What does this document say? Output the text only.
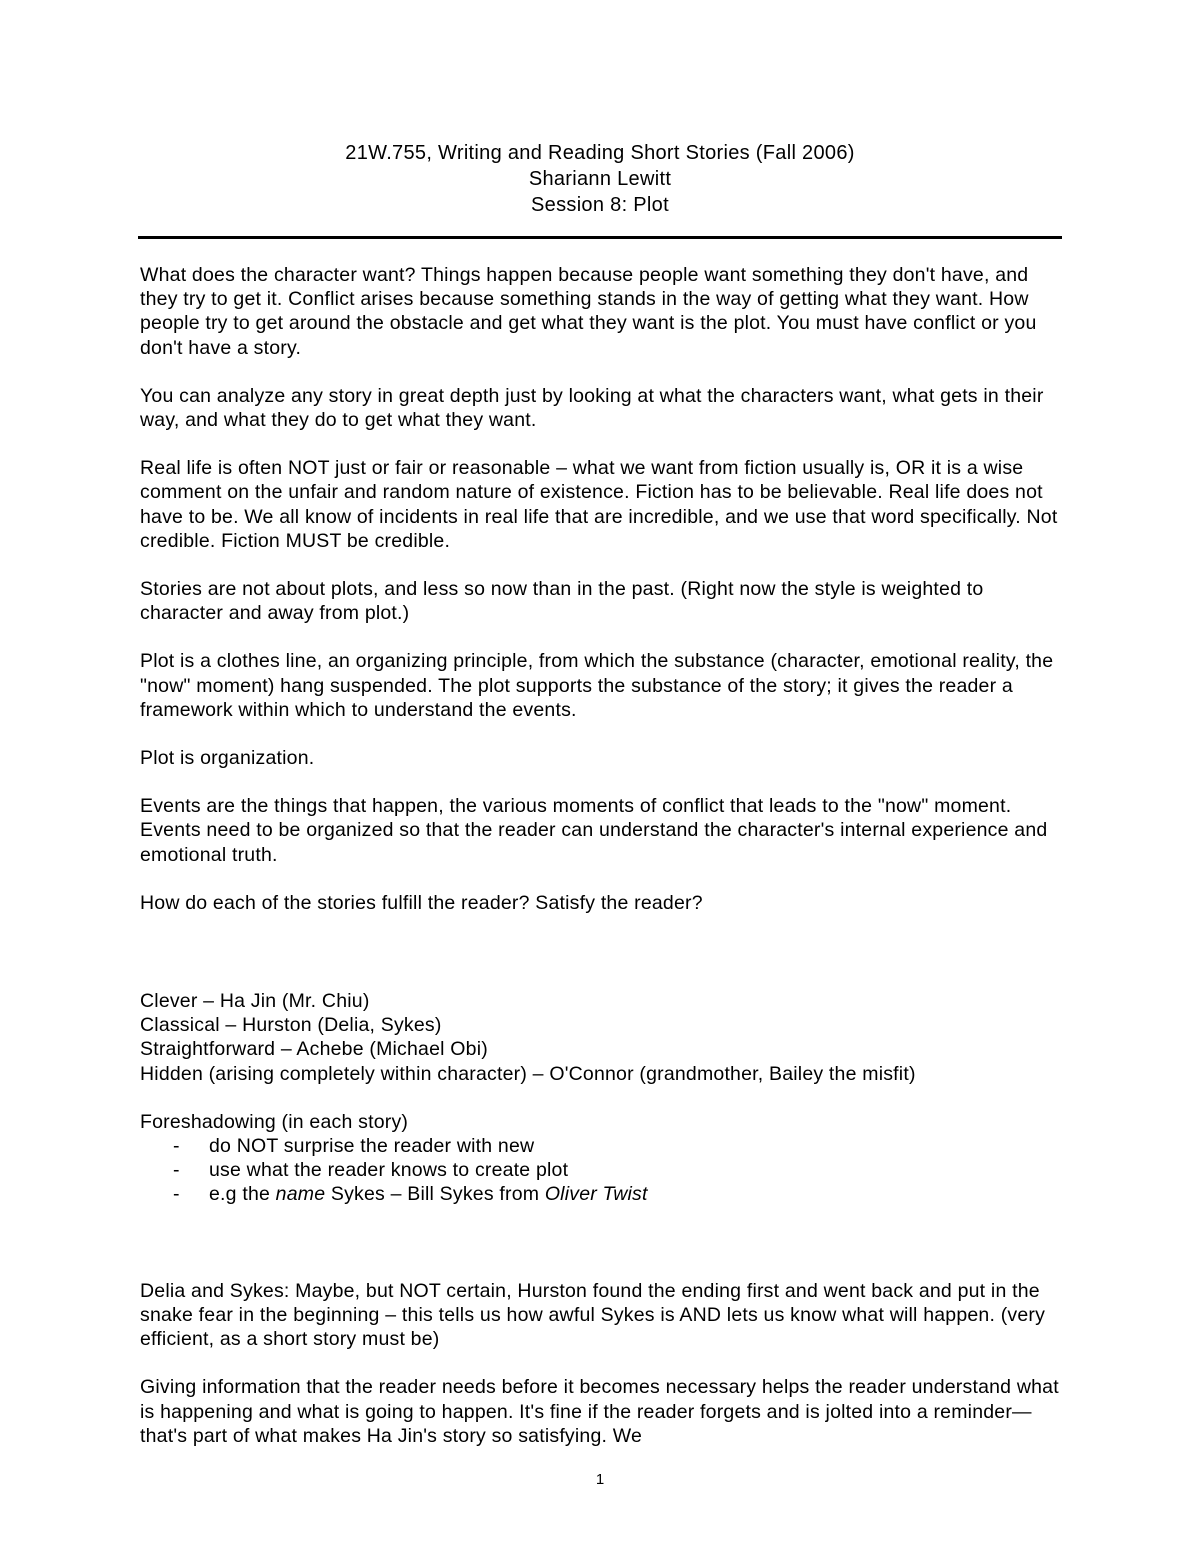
21W.755, Writing and Reading Short Stories (Fall 2006)
Shariann Lewitt
Session 8: Plot

What does the character want? Things happen because people want something they don't have, and they try to get it. Conflict arises because something stands in the way of getting what they want. How people try to get around the obstacle and get what they want is the plot. You must have conflict or you don't have a story.

You can analyze any story in great depth just by looking at what the characters want, what gets in their way, and what they do to get what they want.

Real life is often NOT just or fair or reasonable – what we want from fiction usually is, OR it is a wise comment on the unfair and random nature of existence. Fiction has to be believable. Real life does not have to be. We all know of incidents in real life that are incredible, and we use that word specifically. Not credible. Fiction MUST be credible.

Stories are not about plots, and less so now than in the past. (Right now the style is weighted to character and away from plot.)

Plot is a clothes line, an organizing principle, from which the substance (character, emotional reality, the "now" moment) hang suspended. The plot supports the substance of the story; it gives the reader a framework within which to understand the events.

Plot is organization.

Events are the things that happen, the various moments of conflict that leads to the "now" moment. Events need to be organized so that the reader can understand the character's internal experience and emotional truth.

How do each of the stories fulfill the reader? Satisfy the reader?

Clever – Ha Jin (Mr. Chiu)
Classical – Hurston (Delia, Sykes)
Straightforward – Achebe (Michael Obi)
Hidden (arising completely within character) – O'Connor (grandmother, Bailey the misfit)
Foreshadowing (in each story)
- do NOT surprise the reader with new
- use what the reader knows to create plot
- e.g the name Sykes – Bill Sykes from Oliver Twist

Delia and Sykes: Maybe, but NOT certain, Hurston found the ending first and went back and put in the snake fear in the beginning – this tells us how awful Sykes is AND lets us know what will happen. (very efficient, as a short story must be)

Giving information that the reader needs before it becomes necessary helps the reader understand what is happening and what is going to happen. It's fine if the reader forgets and is jolted into a reminder—that's part of what makes Ha Jin's story so satisfying. We

1
